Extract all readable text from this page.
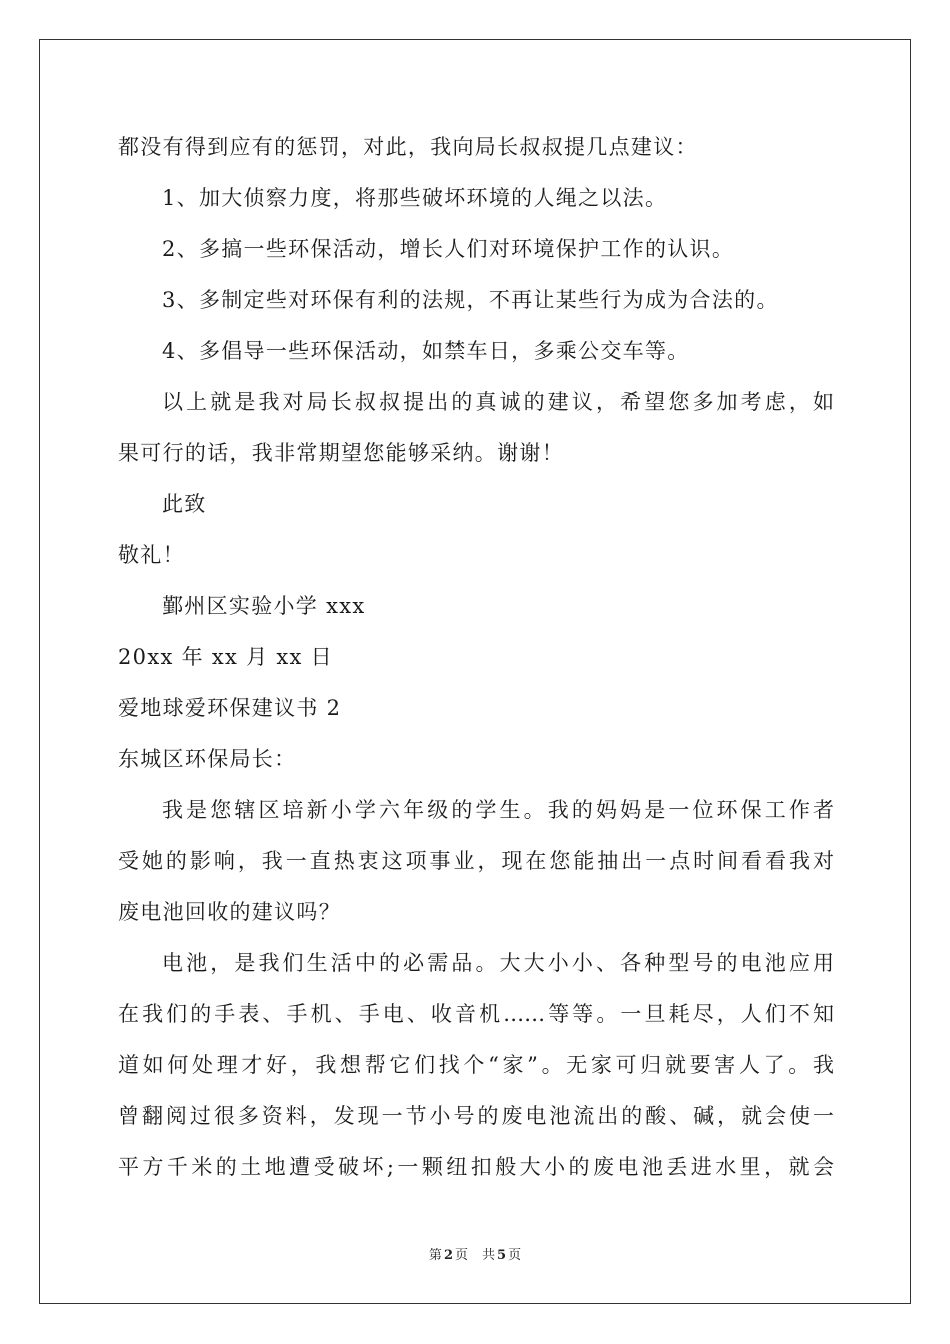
都没有得到应有的惩罚，对此，我向局长叔叔提几点建议：
1、加大侦察力度，将那些破坏环境的人绳之以法。
2、多搞一些环保活动，增长人们对环境保护工作的认识。
3、多制定些对环保有利的法规，不再让某些行为成为合法的。
4、多倡导一些环保活动，如禁车日，多乘公交车等。
以上就是我对局长叔叔提出的真诚的建议，希望您多加考虑，如
果可行的话，我非常期望您能够采纳。谢谢！
此致
敬礼！
鄞州区实验小学 xxx
20xx 年 xx 月 xx 日
爱地球爱环保建议书 2
东城区环保局长：
我是您辖区培新小学六年级的学生。我的妈妈是一位环保工作者
受她的影响，我一直热衷这项事业，现在您能抽出一点时间看看我对
废电池回收的建议吗？
电池，是我们生活中的必需品。大大小小、各种型号的电池应用
在我们的手表、手机、手电、收音机……等等。一旦耗尽，人们不知
道如何处理才好，我想帮它们找个“家”。无家可归就要害人了。我
曾翻阅过很多资料，发现一节小号的废电池流出的酸、碱，就会使一
平方千米的土地遭受破坏;一颗纽扣般大小的废电池丢进水里，就会
第 2 页 共 5 页
